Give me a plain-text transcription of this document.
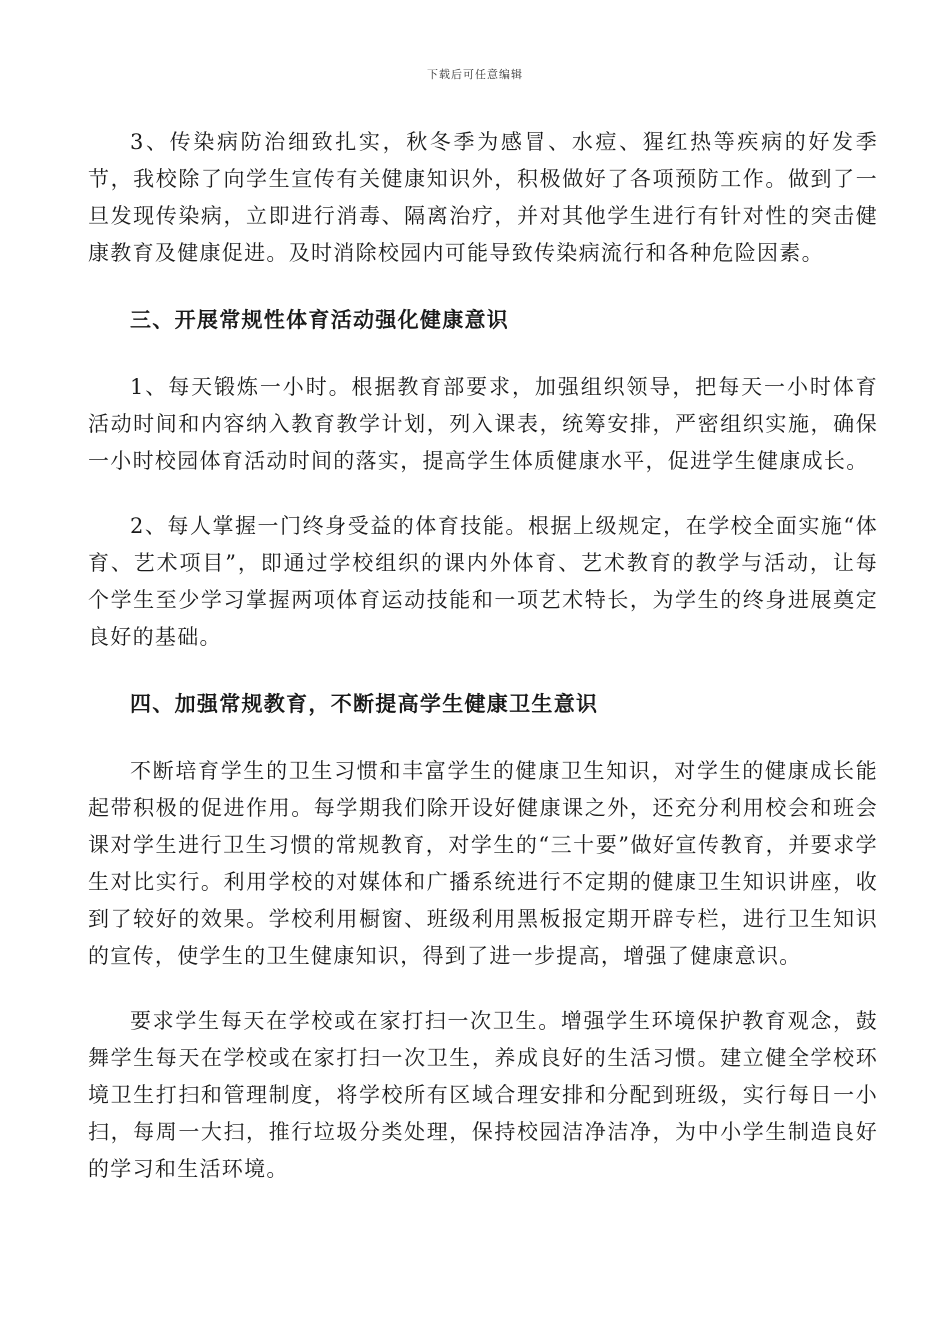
下载后可任意编辑

3、传染病防治细致扎实，秋冬季为感冒、水痘、猩红热等疾病的好发季节，我校除了向学生宣传有关健康知识外，积极做好了各项预防工作。做到了一旦发现传染病，立即进行消毒、隔离治疗，并对其他学生进行有针对性的突击健康教育及健康促进。及时消除校园内可能导致传染病流行和各种危险因素。

三、开展常规性体育活动强化健康意识

1、每天锻炼一小时。根据教育部要求，加强组织领导，把每天一小时体育活动时间和内容纳入教育教学计划，列入课表，统筹安排，严密组织实施，确保一小时校园体育活动时间的落实，提高学生体质健康水平，促进学生健康成长。

2、每人掌握一门终身受益的体育技能。根据上级规定，在学校全面实施“体育、艺术项目”，即通过学校组织的课内外体育、艺术教育的教学与活动，让每个学生至少学习掌握两项体育运动技能和一项艺术特长，为学生的终身进展奠定良好的基础。

四、加强常规教育，不断提高学生健康卫生意识

不断培育学生的卫生习惯和丰富学生的健康卫生知识，对学生的健康成长能起带积极的促进作用。每学期我们除开设好健康课之外，还充分利用校会和班会课对学生进行卫生习惯的常规教育，对学生的“三十要”做好宣传教育，并要求学生对比实行。利用学校的对媒体和广播系统进行不定期的健康卫生知识讲座，收到了较好的效果。学校利用橱窗、班级利用黑板报定期开辟专栏，进行卫生知识的宣传，使学生的卫生健康知识，得到了进一步提高，增强了健康意识。

要求学生每天在学校或在家打扫一次卫生。增强学生环境保护教育观念，鼓舞学生每天在学校或在家打扫一次卫生，养成良好的生活习惯。建立健全学校环境卫生打扫和管理制度，将学校所有区域合理安排和分配到班级，实行每日一小扫，每周一大扫，推行垃圾分类处理，保持校园洁净洁净，为中小学生制造良好的学习和生活环境。
